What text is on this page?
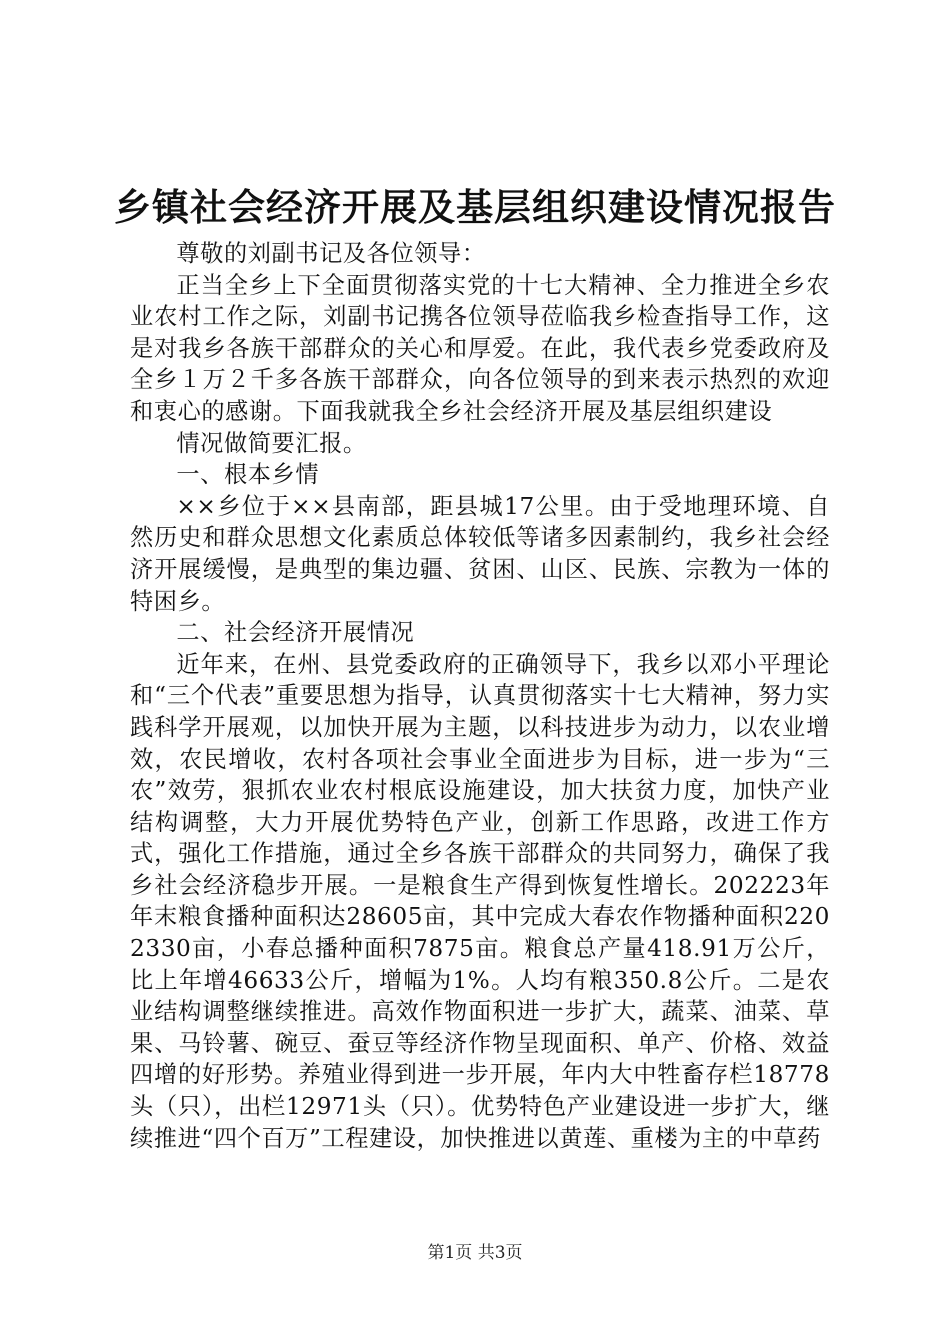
乡镇社会经济开展及基层组织建设情况报告

尊敬的刘副书记及各位领导：

正当全乡上下全面贯彻落实党的十七大精神、全力推进全乡农业农村工作之际，刘副书记携各位领导莅临我乡检查指导工作，这是对我乡各族干部群众的关心和厚爱。在此，我代表乡党委政府及全乡１万２千多各族干部群众，向各位领导的到来表示热烈的欢迎和衷心的感谢。下面我就我全乡社会经济开展及基层组织建设

情况做简要汇报。

一、根本乡情

××乡位于××县南部，距县城17公里。由于受地理环境、自然历史和群众思想文化素质总体较低等诸多因素制约，我乡社会经济开展缓慢，是典型的集边疆、贫困、山区、民族、宗教为一体的特困乡。

二、社会经济开展情况

近年来，在州、县党委政府的正确领导下，我乡以邓小平理论和“三个代表”重要思想为指导，认真贯彻落实十七大精神，努力实践科学开展观，以加快开展为主题，以科技进步为动力，以农业增效，农民增收，农村各项社会事业全面进步为目标，进一步为“三农”效劳，狠抓农业农村根底设施建设，加大扶贫力度，加快产业结构调整，大力开展优势特色产业，创新工作思路，改进工作方式，强化工作措施，通过全乡各族干部群众的共同努力，确保了我乡社会经济稳步开展。一是粮食生产得到恢复性增长。202223年年末粮食播种面积达28605亩，其中完成大春农作物播种面积2202330亩，小春总播种面积7875亩。粮食总产量418.91万公斤，比上年增46633公斤，增幅为1%。人均有粮350.8公斤。二是农业结构调整继续推进。高效作物面积进一步扩大，蔬菜、油菜、草果、马铃薯、碗豆、蚕豆等经济作物呈现面积、单产、价格、效益四增的好形势。养殖业得到进一步开展，年内大中牲畜存栏18778头（只），出栏12971头（只）。优势特色产业建设进一步扩大，继续推进“四个百万”工程建设，加快推进以黄莲、重楼为主的中草药

第1页 共3页
